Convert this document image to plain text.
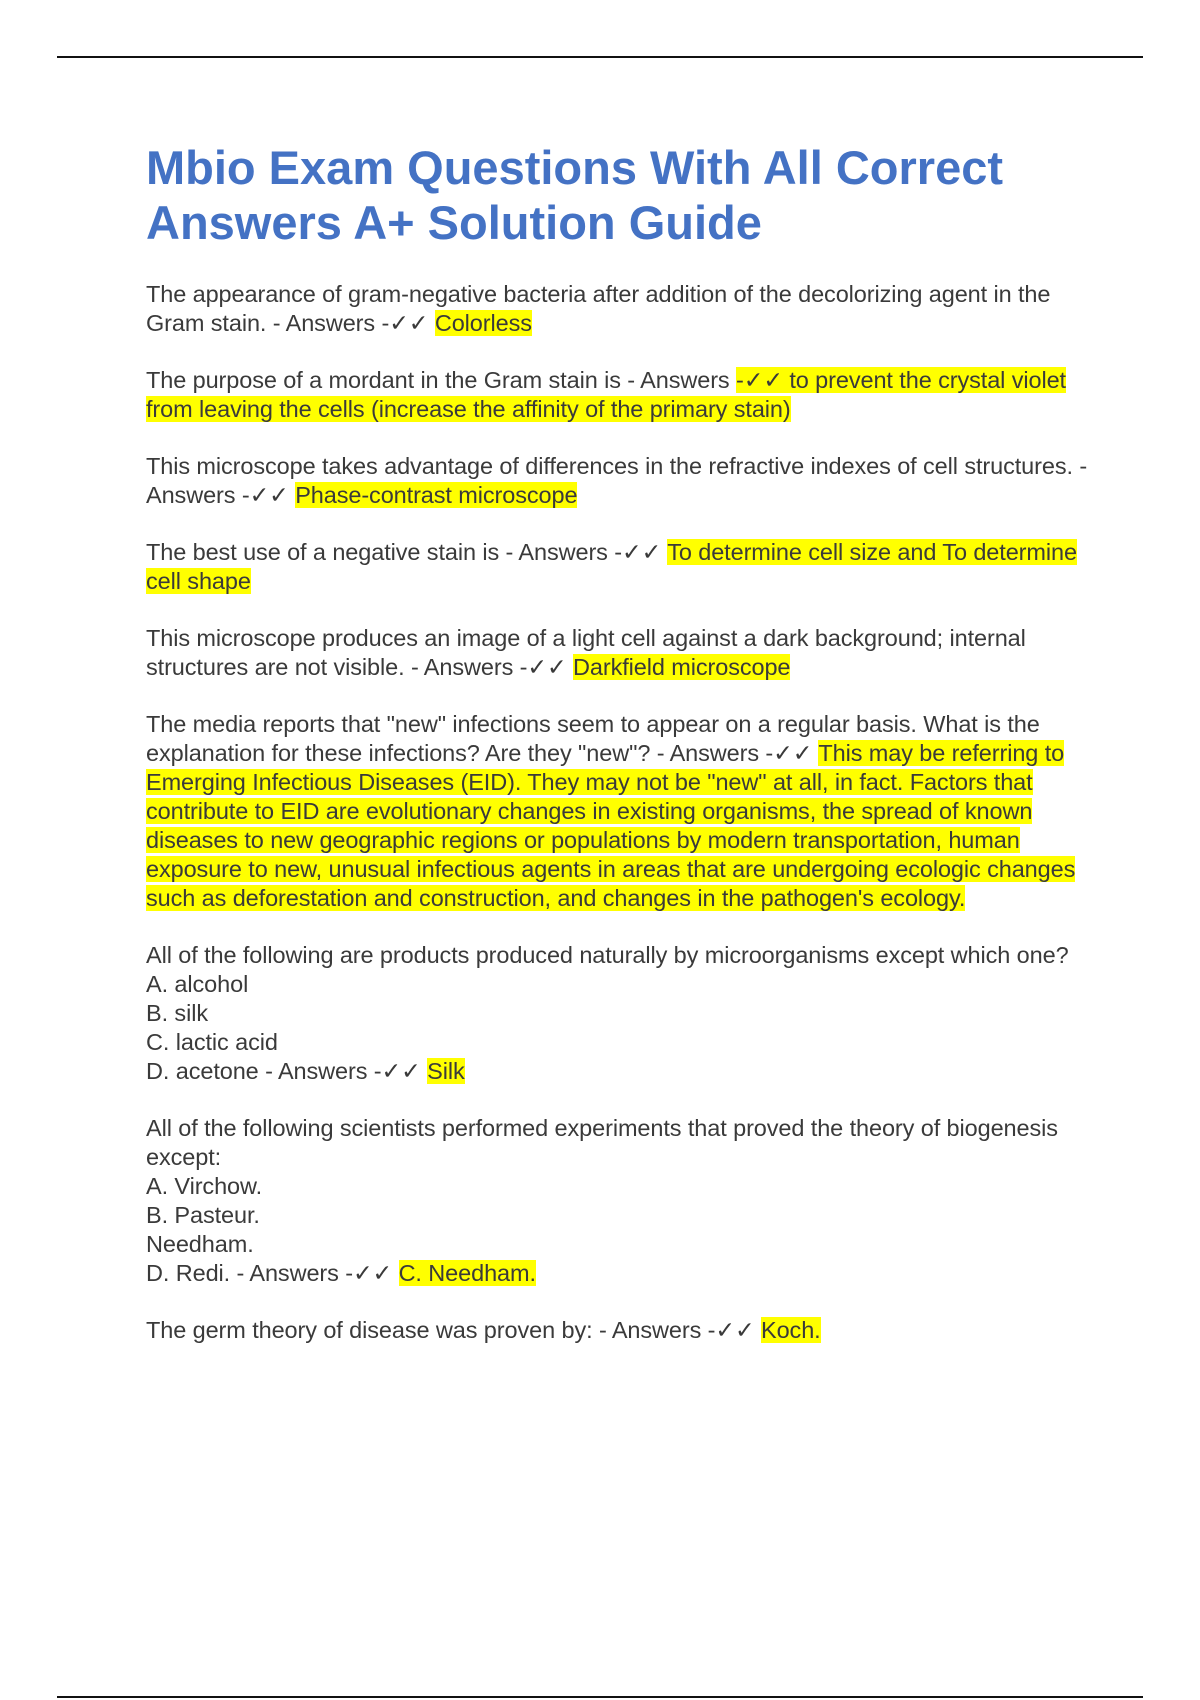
Mbio Exam Questions With All Correct
Answers A+ Solution Guide

The appearance of gram-negative bacteria after addition of the decolorizing agent in the Gram stain. - Answers -✓✓ Colorless

The purpose of a mordant in the Gram stain is - Answers -✓✓ to prevent the crystal violet from leaving the cells (increase the affinity of the primary stain)

This microscope takes advantage of differences in the refractive indexes of cell structures. - Answers -✓✓ Phase-contrast microscope

The best use of a negative stain is - Answers -✓✓ To determine cell size and To determine cell shape

This microscope produces an image of a light cell against a dark background; internal structures are not visible. - Answers -✓✓ Darkfield microscope

The media reports that "new" infections seem to appear on a regular basis. What is the explanation for these infections? Are they "new"? - Answers -✓✓ This may be referring to Emerging Infectious Diseases (EID). They may not be "new" at all, in fact. Factors that contribute to EID are evolutionary changes in existing organisms, the spread of known diseases to new geographic regions or populations by modern transportation, human exposure to new, unusual infectious agents in areas that are undergoing ecologic changes such as deforestation and construction, and changes in the pathogen's ecology.

All of the following are products produced naturally by microorganisms except which one?
A. alcohol
B. silk
C. lactic acid
D. acetone - Answers -✓✓ Silk

All of the following scientists performed experiments that proved the theory of biogenesis except:
A. Virchow.
B. Pasteur.
Needham.
D. Redi. - Answers -✓✓ C. Needham.

The germ theory of disease was proven by: - Answers -✓✓ Koch.
